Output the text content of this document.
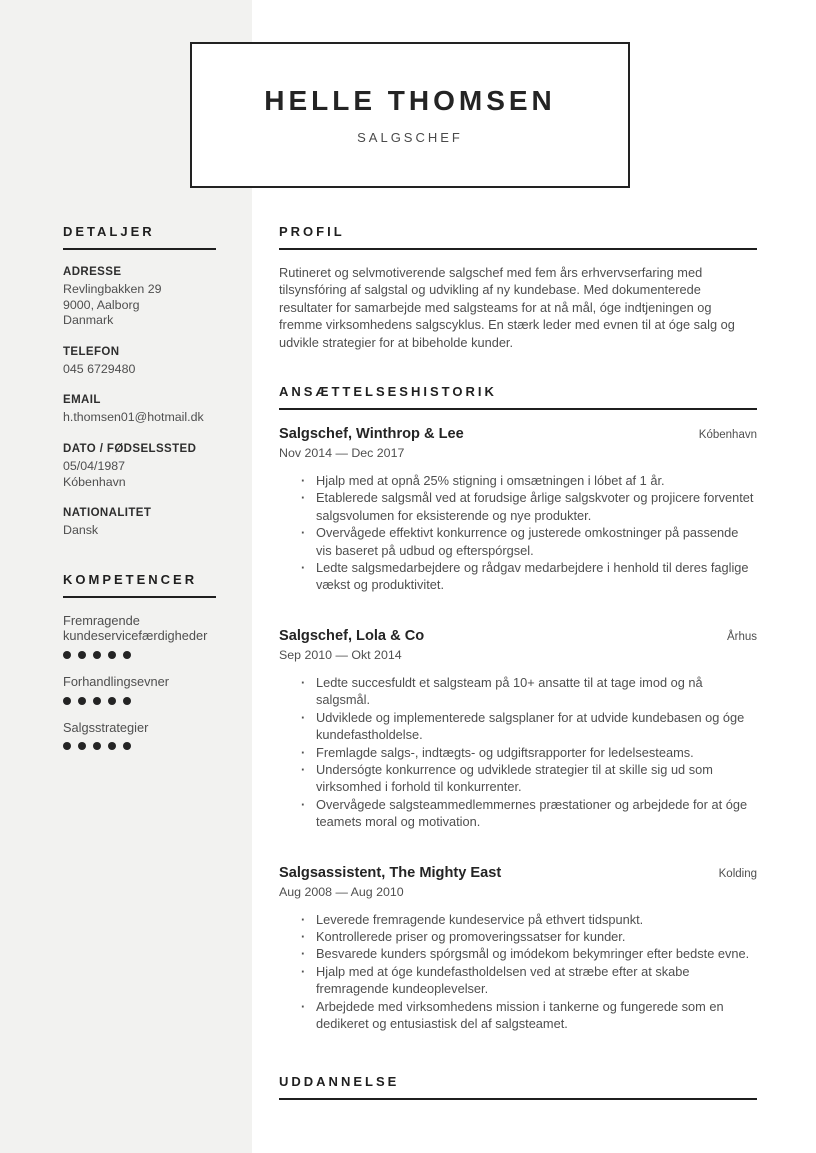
DETALJER
ADRESSE
Revlingbakken 29
9000, Aalborg
Danmark
TELEFON
045 6729480
EMAIL
h.thomsen01@hotmail.dk
DATO / FØDSELSSTED
05/04/1987
Kóbenhavn
NATIONALITET
Dansk
KOMPETENCER
Fremragende kundeservicefærdigheder
Forhandlingsevner
Salgsstrategier
HELLE THOMSEN
SALGSCHEF
PROFIL

Rutineret og selvmotiverende salgschef med fem års erhvervserfaring med tilsynsfóring af salgstal og udvikling af ny kundebase. Med dokumenterede resultater for samarbejde med salgsteams for at nå mål, óge indtjeningen og fremme virksomhedens salgscyklus. En stærk leder med evnen til at óge salg og udvikle strategier for at bibeholde kunder.

ANSÆTTELSESHISTORIK
Salgschef, Winthrop & Lee	Kóbenhavn
Nov 2014 — Dec 2017
· Hjalp med at opnå 25% stigning i omsætningen i lóbet af 1 år.
· Etablerede salgsmål ved at forudsige årlige salgskvoter og projicere forventet salgsvolumen for eksisterende og nye produkter.
· Overvågede effektivt konkurrence og justerede omkostninger på passende vis baseret på udbud og efterspórgsel.
· Ledte salgsmedarbejdere og rådgav medarbejdere i henhold til deres faglige vækst og produktivitet.
Salgschef, Lola & Co	Århus
Sep 2010 — Okt 2014
· Ledte succesfuldt et salgsteam på 10+ ansatte til at tage imod og nå salgsmål.
· Udviklede og implementerede salgsplaner for at udvide kundebasen og óge kundefastholdelse.
· Fremlagde salgs-, indtægts- og udgiftsrapporter for ledelsesteams.
· Undersógte konkurrence og udviklede strategier til at skille sig ud som virksomhed i forhold til konkurrenter.
· Overvågede salgsteammedlemmernes præstationer og arbejdede for at óge teamets moral og motivation.
Salgsassistent, The Mighty East	Kolding
Aug 2008 — Aug 2010
· Leverede fremragende kundeservice på ethvert tidspunkt.
· Kontrollerede priser og promoveringssatser for kunder.
· Besvarede kunders spórgsmål og imódekom bekymringer efter bedste evne.
· Hjalp med at óge kundefastholdelsen ved at stræbe efter at skabe fremragende kundeoplevelser.
· Arbejdede med virksomhedens mission i tankerne og fungerede som en dedikeret og entusiastisk del af salgsteamet.
UDDANNELSE
